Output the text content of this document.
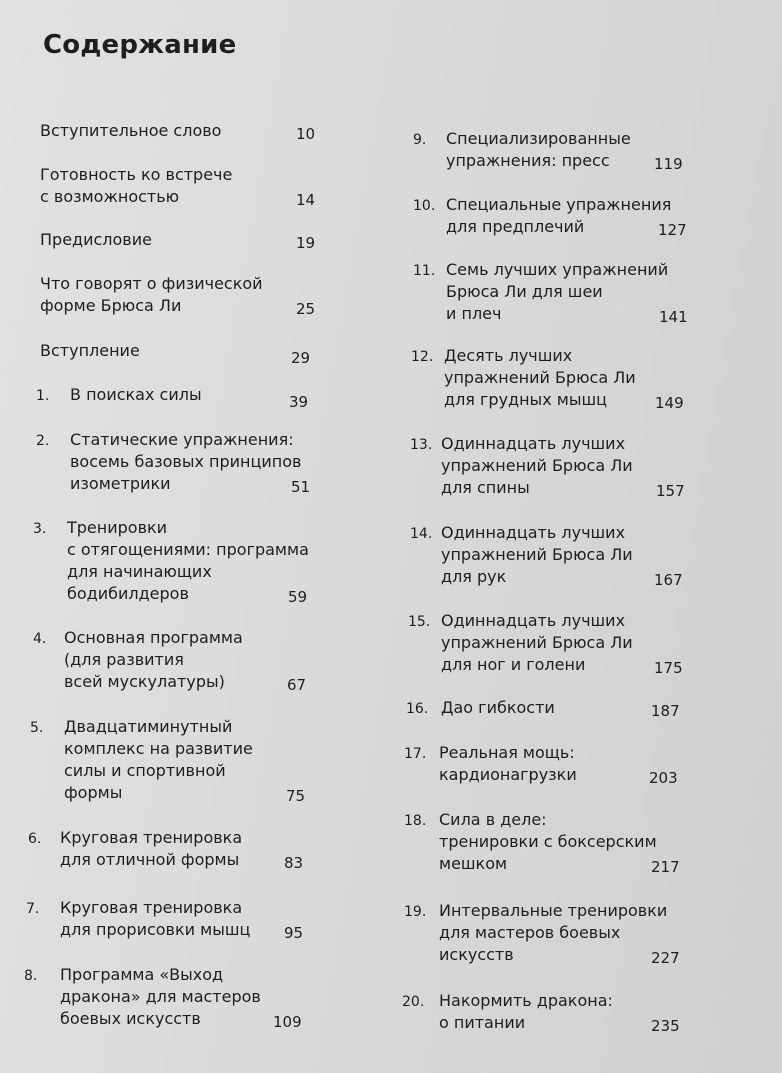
Содержание
Вступительное слово	10
Готовность ко встрече
с возможностью	14
Предисловие	19
Что говорят о физической
форме Брюса Ли	25
Вступление	29
1. В поисках силы	39
2. Статические упражнения:
восемь базовых принципов
изометрики	51
3. Тренировки
с отягощениями: программа
для начинающих
бодибилдеров	59
4. Основная программа
(для развития
всей мускулатуры)	67
5. Двадцатиминутный
комплекс на развитие
силы и спортивной
формы	75
6. Круговая тренировка
для отличной формы	83
7. Круговая тренировка
для прорисовки мышц 95
8. Программа «Выход
дракона» для мастеров
боевых искусств	109
9. Специализированные
упражнения: пресс	119
10. Специальные упражнения
для предплечий	127
11. Семь лучших упражнений
Брюса Ли для шеи
и плеч	141
12. Десять лучших
упражнений Брюса Ли
для грудных мышц	149
13. Одиннадцать лучших
упражнений Брюса Ли
для спины	157
14. Одиннадцать лучших
упражнений Брюса Ли
для рук	167
15. Одиннадцать лучших
упражнений Брюса Ли
для ног и голени	175
16. Дао гибкости	187
17. Реальная мощь:
кардионагрузки	203
18. Сила в деле:
тренировки с боксерским
мешком	217
19. Интервальные тренировки
для мастеров боевых
искусств	227
20. Накормить дракона:
о питании	235
